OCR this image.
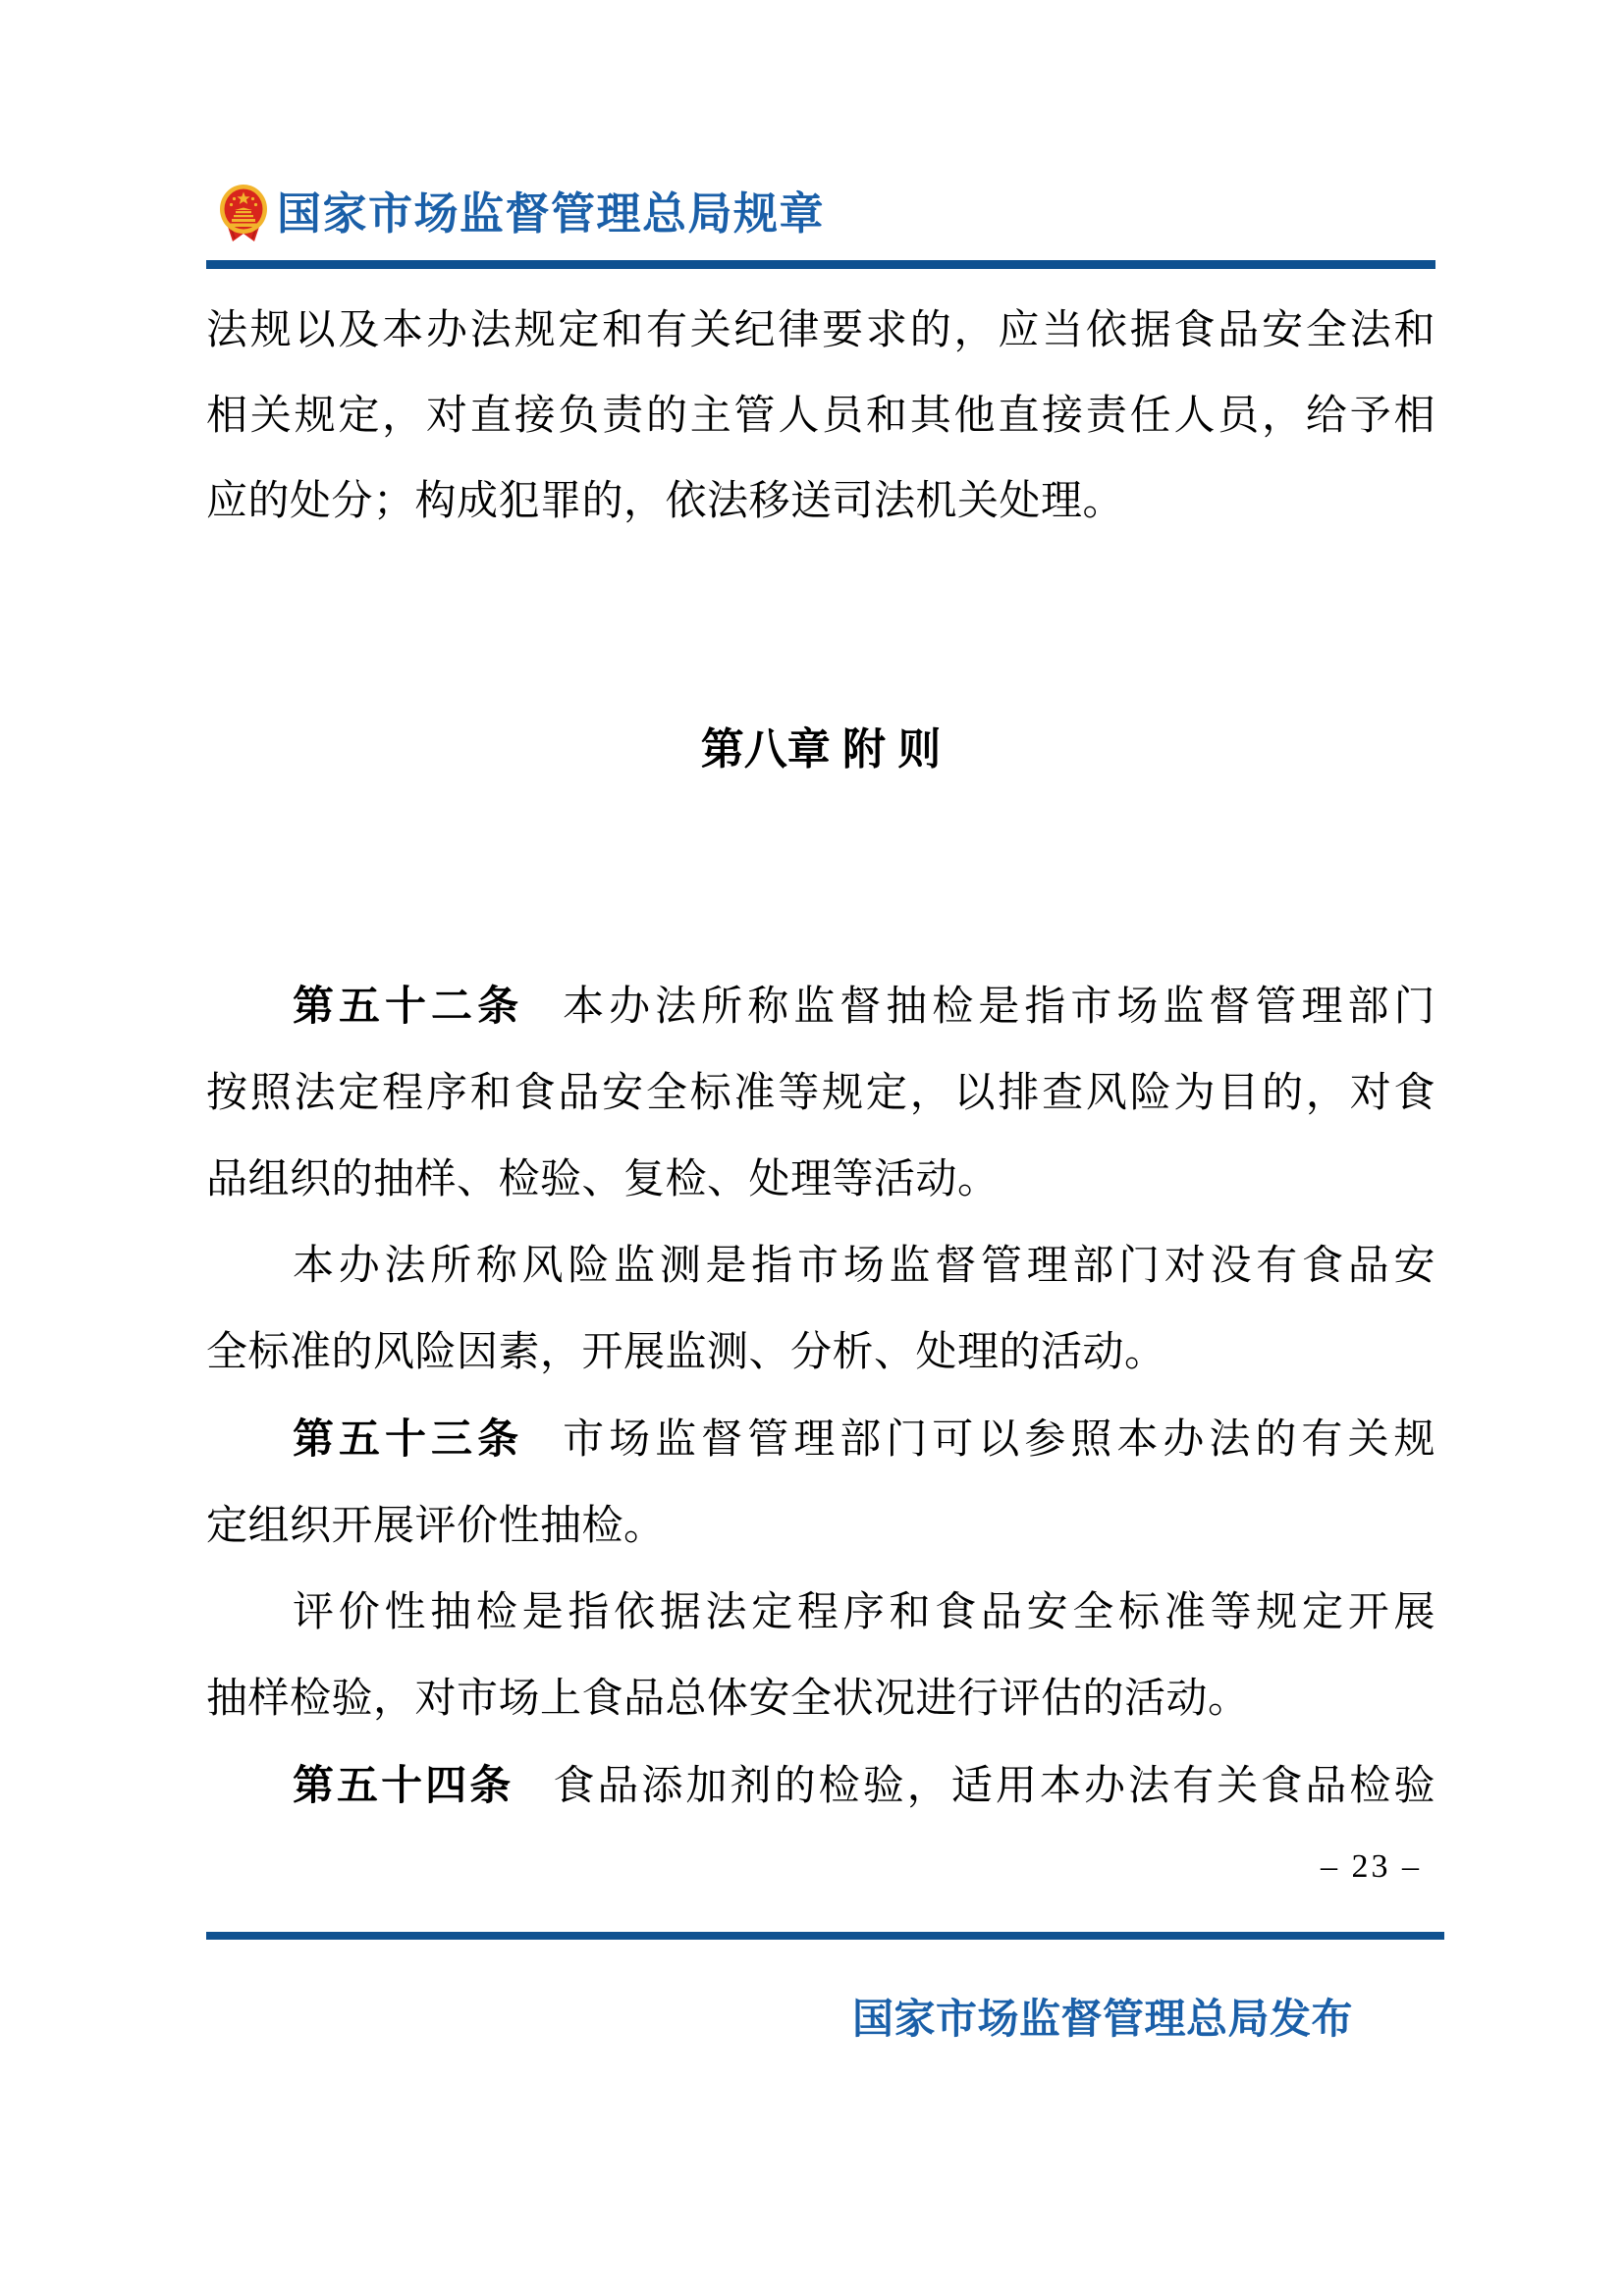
国家市场监督管理总局规章

法规以及本办法规定和有关纪律要求的，应当依据食品安全法和

相关规定，对直接负责的主管人员和其他直接责任人员，给予相

应的处分；构成犯罪的，依法移送司法机关处理。

第八章 附 则

第五十二条 本办法所称监督抽检是指市场监督管理部门

按照法定程序和食品安全标准等规定，以排查风险为目的，对食

品组织的抽样、检验、复检、处理等活动。

本办法所称风险监测是指市场监督管理部门对没有食品安

全标准的风险因素，开展监测、分析、处理的活动。

第五十三条 市场监督管理部门可以参照本办法的有关规

定组织开展评价性抽检。

评价性抽检是指依据法定程序和食品安全标准等规定开展

抽样检验，对市场上食品总体安全状况进行评估的活动。

第五十四条 食品添加剂的检验，适用本办法有关食品检验

– 23 –
国家市场监督管理总局发布
